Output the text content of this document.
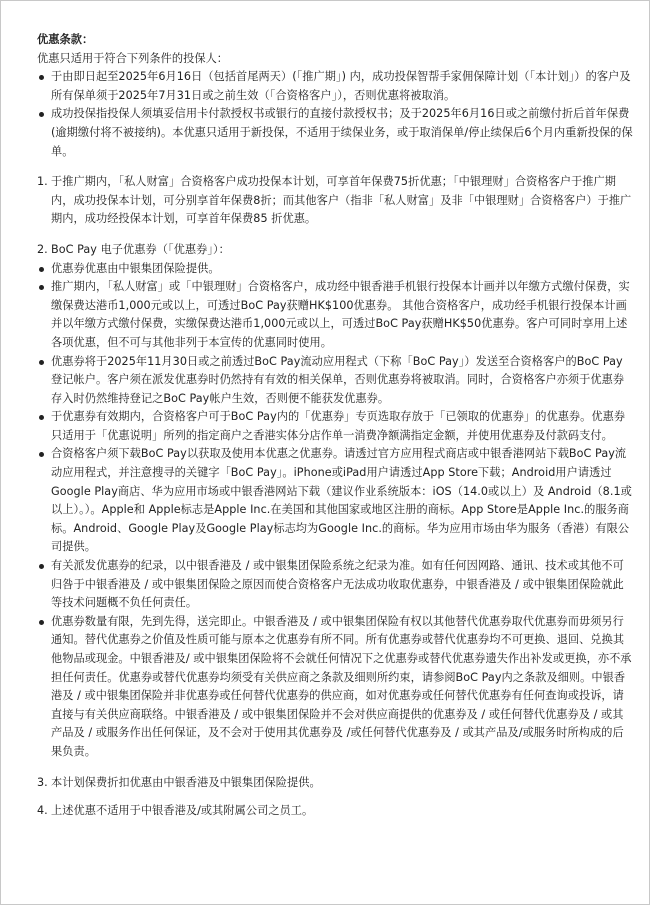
优惠条款：

优惠只适用于符合下列条件的投保人：

于由即日起至2025年6月16日（包括首尾两天）(「推广期」) 内，成功投保智帮手家佣保障计划（「本计划」）的客户及所有保单须于2025年7月31日或之前生效（「合资格客户」），否则优惠将被取消。
成功投保指投保人须填妥信用卡付款授权书或银行的直接付款授权书；及于2025年6月16日或之前缴付折后首年保费(逾期缴付将不被接纳)。本优惠只适用于新投保，不适用于续保业务，或于取消保单/停止续保后6个月内重新投保的保单。
1. 于推广期内，「私人财富」合资格客户成功投保本计划，可享首年保费75折优惠；「中银理财」合资格客户于推广期内，成功投保本计划，可分别享首年保费8折；而其他客户（指非「私人财富」及非「中银理财」合资格客户）于推广期内，成功经投保本计划，可享首年保费85 折优惠。

2. BoC Pay 电子优惠券（「优惠券」）：

优惠券优惠由中银集团保险提供。
推广期内，「私人财富」或「中银理财」合资格客户，成功经中银香港手机银行投保本计画并以年缴方式缴付保费，实缴保费达港币1,000元或以上，可透过BoC Pay获赠HK$100优惠券。 其他合资格客户，成功经手机银行投保本计画并以年缴方式缴付保费，实缴保费达港币1,000元或以上，可透过BoC Pay获赠HK$50优惠券。客户可同时享用上述各项优惠，但不可与其他非列于本宣传的优惠同时使用。
优惠券将于2025年11月30日或之前透过BoC Pay流动应用程式（下称「BoC Pay」）发送至合资格客户的BoC Pay登记帐户。客户须在派发优惠券时仍然持有有效的相关保单，否则优惠券将被取消。同时，合资格客户亦须于优惠券存入时仍然维持登记之BoC Pay帐户生效，否则便不能获发优惠券。
于优惠券有效期内，合资格客户可于BoC Pay内的「优惠券」专页选取存放于「已领取的优惠券」的优惠券。优惠券只适用于「优惠说明」所列的指定商户之香港实体分店作单一消费净额满指定金额，并使用优惠券及付款码支付。
合资格客户须下载BoC Pay以获取及使用本优惠之优惠券。请透过官方应用程式商店或中银香港网站下载BoC Pay流动应用程式，并注意搜寻的关键字「BoC Pay」。iPhone或iPad用户请透过App Store下载；Android用户请透过Google Play商店、华为应用市场或中银香港网站下载（建议作业系统版本：iOS（14.0或以上）及 Android（8.1或以上）。）。Apple和 Apple标志是Apple Inc.在美国和其他国家或地区注册的商标。App Store是Apple Inc.的服务商标。Android、Google Play及Google Play标志均为Google Inc.的商标。华为应用市场由华为服务（香港）有限公司提供。
有关派发优惠券的纪录，以中银香港及 / 或中银集团保险系统之纪录为准。如有任何因网路、通讯、技术或其他不可归咎于中银香港及 / 或中银集团保险之原因而使合资格客户无法成功收取优惠券，中银香港及 / 或中银集团保险就此等技术问题概不负任何责任。
优惠券数量有限，先到先得，送完即止。中银香港及 / 或中银集团保险有权以其他替代优惠券取代优惠券而毋须另行通知。替代优惠券之价值及性质可能与原本之优惠券有所不同。所有优惠券或替代优惠券均不可更换、退回、兑换其他物品或现金。中银香港及/ 或中银集团保险将不会就任何情况下之优惠券或替代优惠券遗失作出补发或更换，亦不承担任何责任。优惠券或替代优惠券均须受有关供应商之条款及细则所约束，请参阅BoC Pay内之条款及细则。中银香港及 / 或中银集团保险并非优惠券或任何替代优惠券的供应商，如对优惠券或任何替代优惠券有任何查询或投诉，请直接与有关供应商联络。中银香港及 / 或中银集团保险并不会对供应商提供的优惠券及 / 或任何替代优惠券及 / 或其产品及 / 或服务作出任何保证，及不会对于使用其优惠券及 /或任何替代优惠券及 / 或其产品及/或服务时所构成的后果负责。
3. 本计划保费折扣优惠由中银香港及中银集团保险提供。

4. 上述优惠不适用于中银香港及/或其附属公司之员工。
